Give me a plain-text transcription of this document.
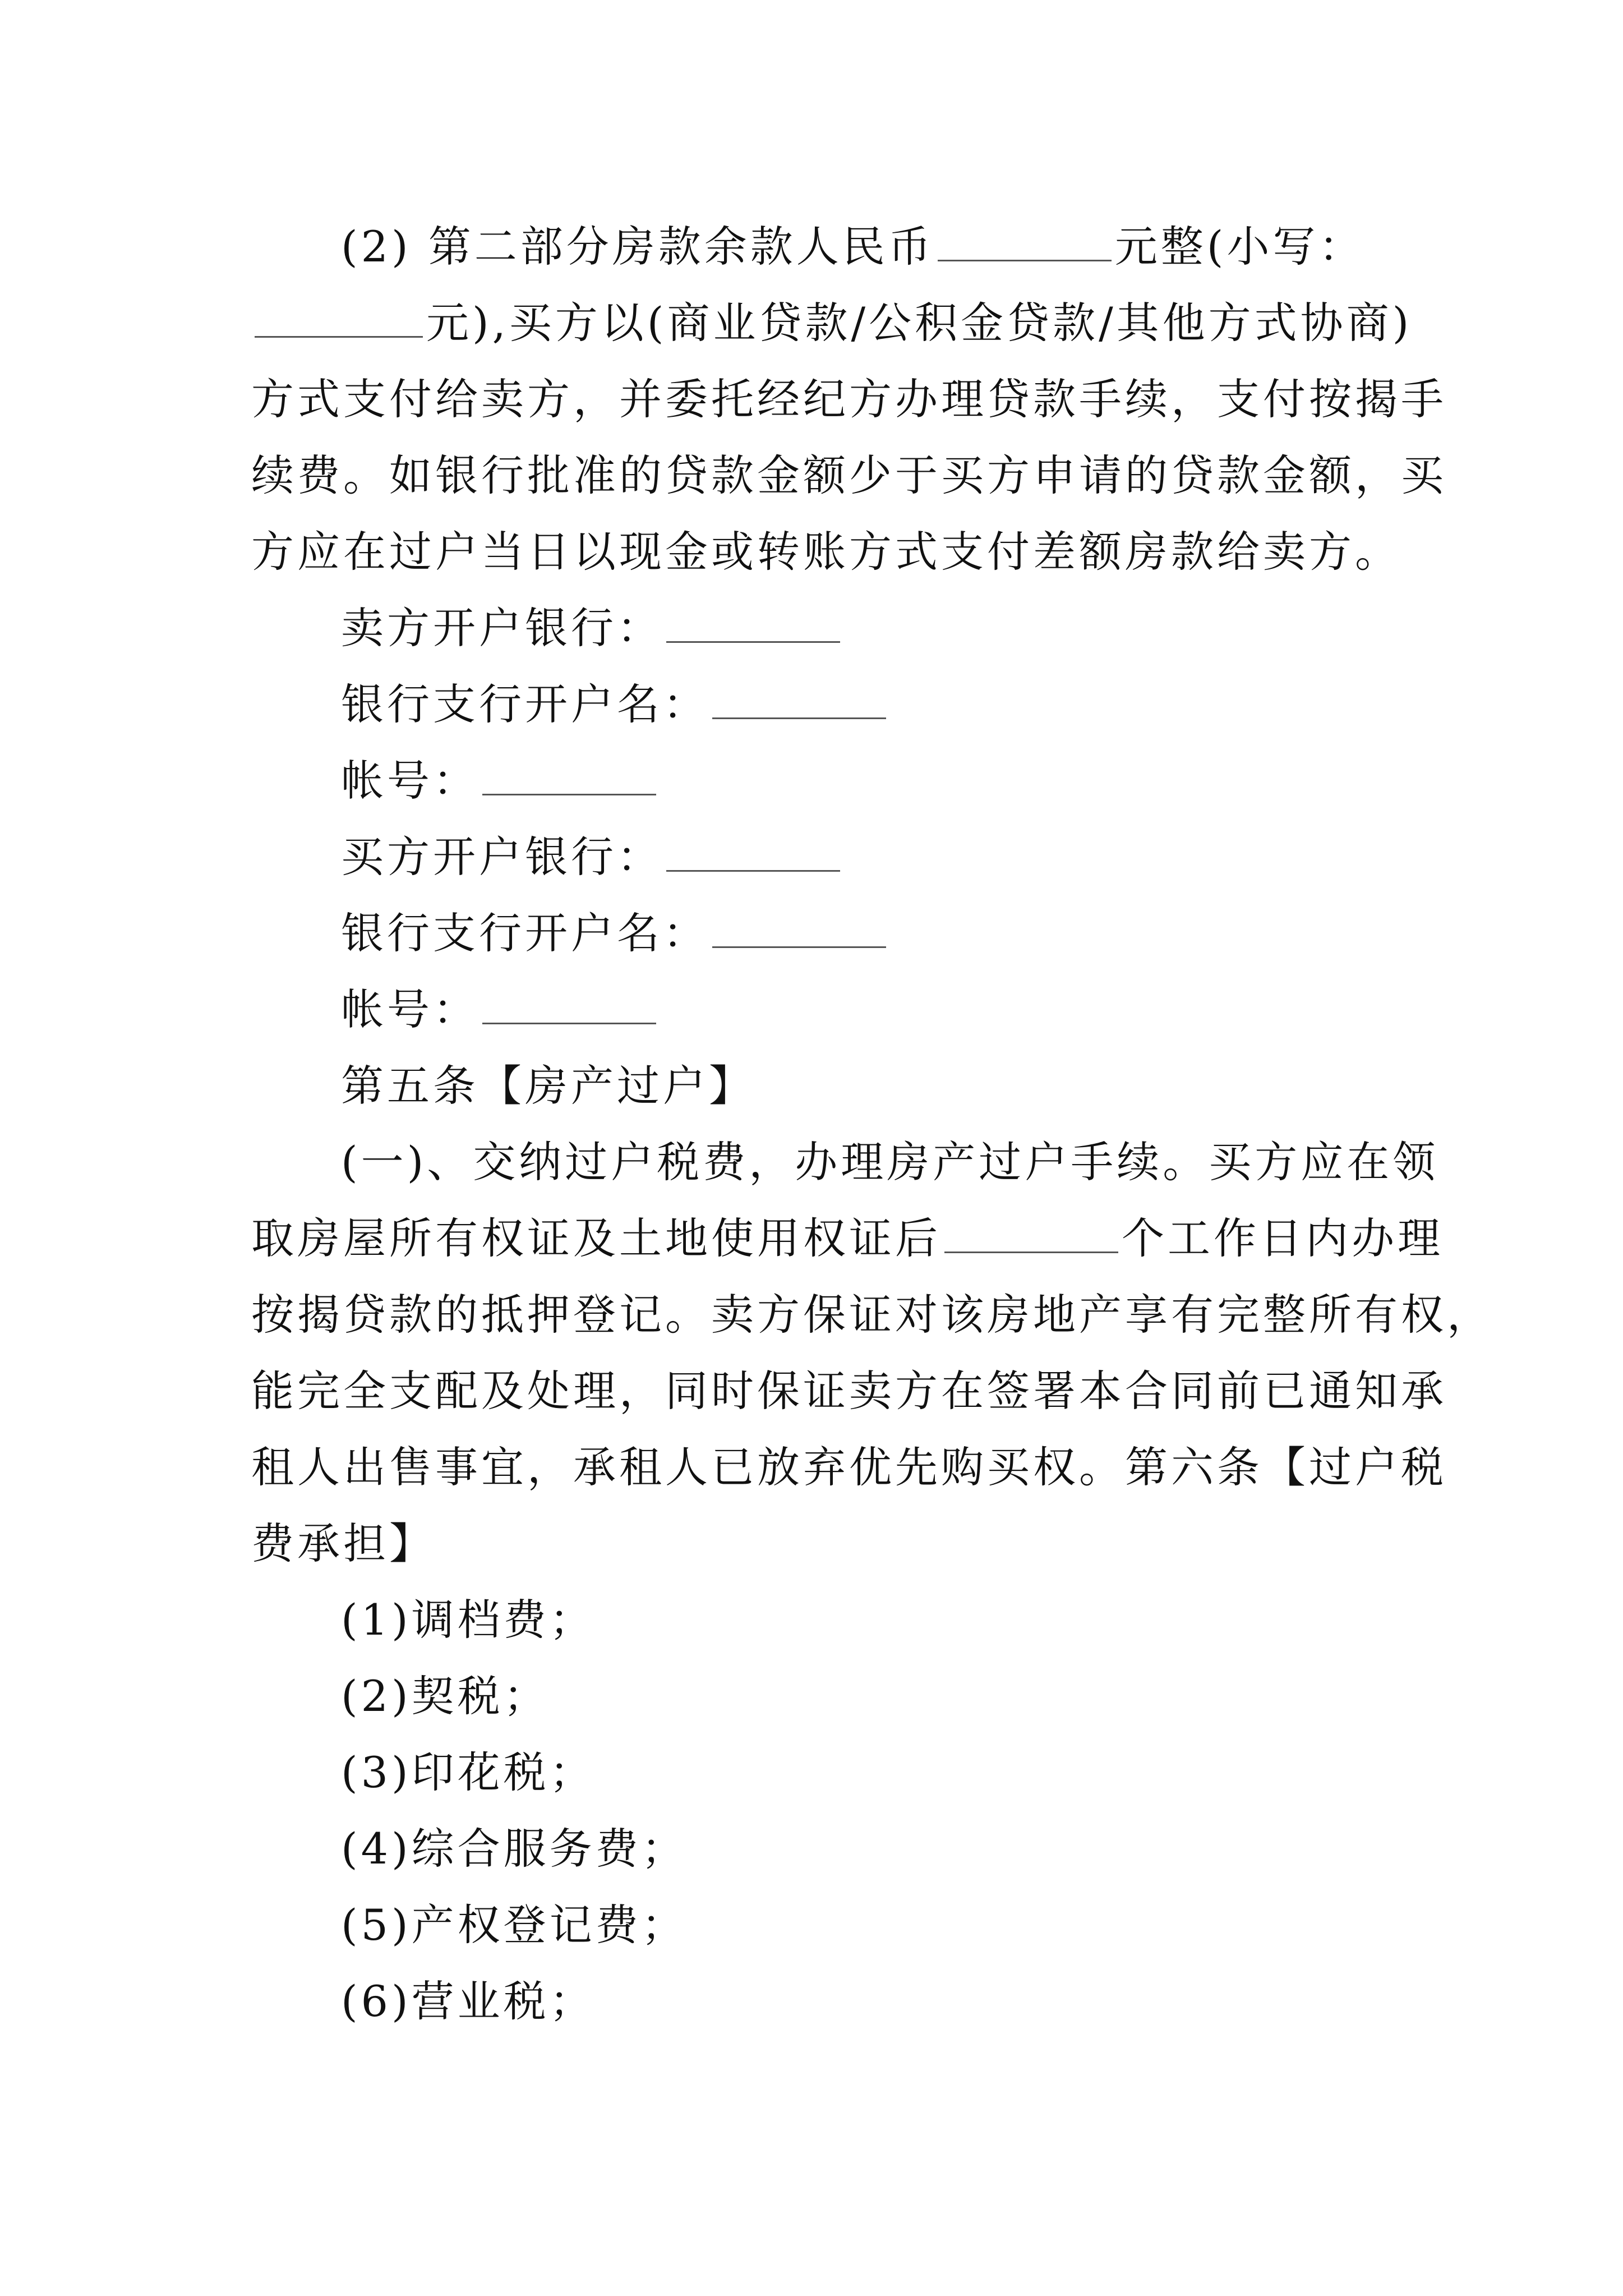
(2) 第二部分房款余款人民币	元整(小写：

元),买方以(商业贷款/公积金贷款/其他方式协商)

方式支付给卖方，并委托经纪方办理贷款手续，支付按揭手

续费。如银行批准的贷款金额少于买方申请的贷款金额，买

方应在过户当日以现金或转账方式支付差额房款给卖方。

卖方开户银行：

银行支行开户名：

帐号：

买方开户银行：

银行支行开户名：

帐号：

第五条【房产过户】

(一)、交纳过户税费，办理房产过户手续。买方应在领

取房屋所有权证及土地使用权证后	个工作日内办理

按揭贷款的抵押登记。卖方保证对该房地产享有完整所有权，

能完全支配及处理，同时保证卖方在签署本合同前已通知承

租人出售事宜，承租人已放弃优先购买权。第六条【过户税

费承担】

(1)调档费；

(2)契税；

(3)印花税；

(4)综合服务费；

(5)产权登记费；

(6)营业税；
